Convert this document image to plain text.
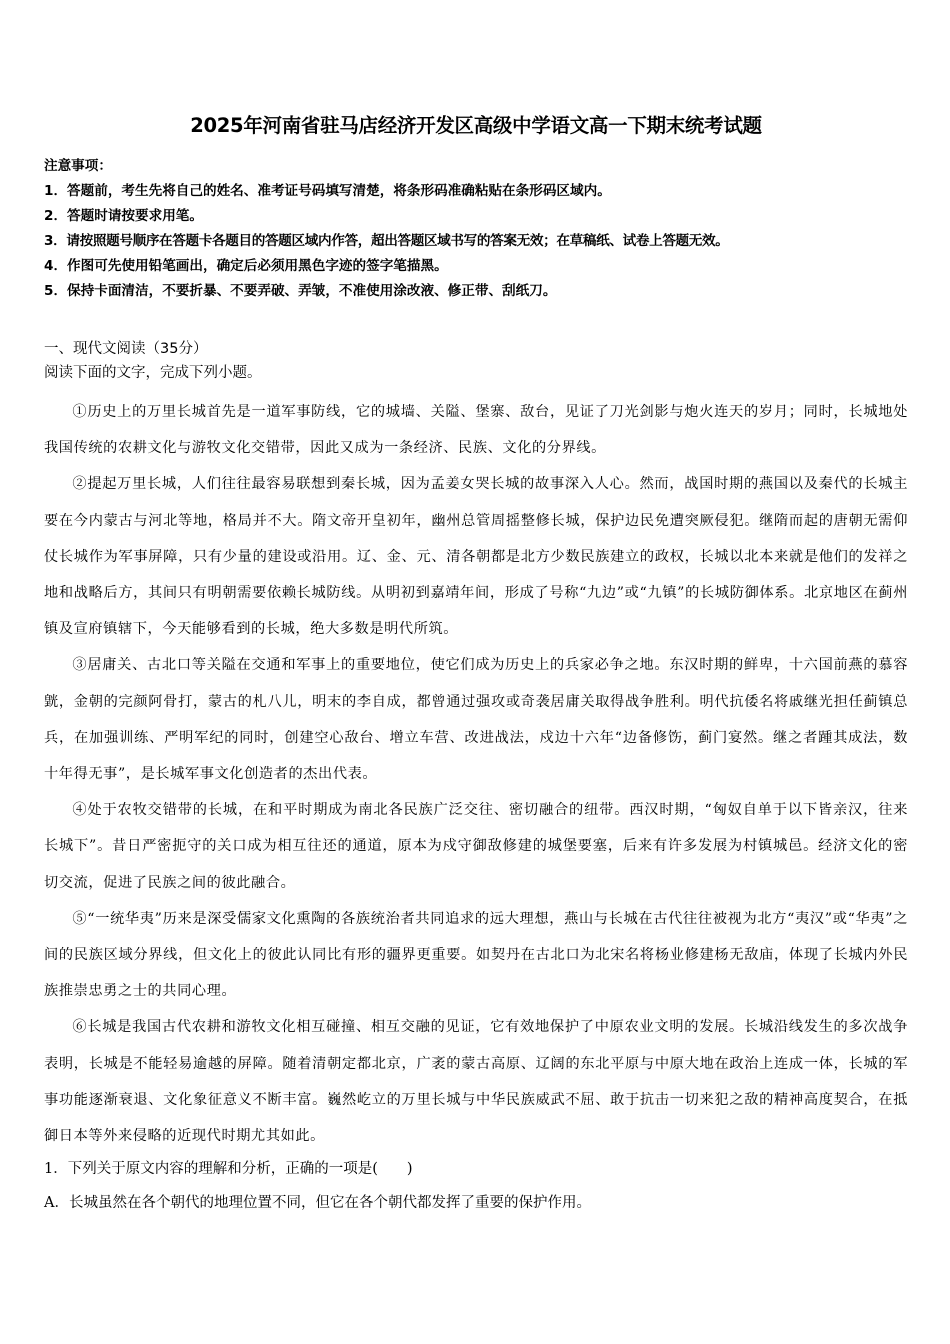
2025年河南省驻马店经济开发区高级中学语文高一下期末统考试题
注意事项：
1．答题前，考生先将自己的姓名、准考证号码填写清楚，将条形码准确粘贴在条形码区域内。
2．答题时请按要求用笔。
3．请按照题号顺序在答题卡各题目的答题区域内作答，超出答题区域书写的答案无效；在草稿纸、试卷上答题无效。
4．作图可先使用铅笔画出，确定后必须用黑色字迹的签字笔描黑。
5．保持卡面清洁，不要折暴、不要弄破、弄皱，不准使用涂改液、修正带、刮纸刀。
一、现代文阅读（35分）
阅读下面的文字，完成下列小题。

①历史上的万里长城首先是一道军事防线，它的城墙、关隘、堡寨、敌台，见证了刀光剑影与炮火连天的岁月；同时，长城地处我国传统的农耕文化与游牧文化交错带，因此又成为一条经济、民族、文化的分界线。

②提起万里长城，人们往往最容易联想到秦长城，因为孟姜女哭长城的故事深入人心。然而，战国时期的燕国以及秦代的长城主要在今内蒙古与河北等地，格局并不大。隋文帝开皇初年，幽州总管周摇整修长城，保护边民免遭突厥侵犯。继隋而起的唐朝无需仰仗长城作为军事屏障，只有少量的建设或沿用。辽、金、元、清各朝都是北方少数民族建立的政权，长城以北本来就是他们的发祥之地和战略后方，其间只有明朝需要依赖长城防线。从明初到嘉靖年间，形成了号称“九边”或“九镇”的长城防御体系。北京地区在蓟州镇及宣府镇辖下，今天能够看到的长城，绝大多数是明代所筑。

③居庸关、古北口等关隘在交通和军事上的重要地位，使它们成为历史上的兵家必争之地。东汉时期的鲜卑，十六国前燕的慕容皝，金朝的完颜阿骨打，蒙古的札八儿，明末的李自成，都曾通过强攻或奇袭居庸关取得战争胜利。明代抗倭名将戚继光担任蓟镇总兵，在加强训练、严明军纪的同时，创建空心敌台、增立车营、改进战法，戍边十六年“边备修饬，蓟门宴然。继之者踵其成法，数十年得无事”，是长城军事文化创造者的杰出代表。

④处于农牧交错带的长城，在和平时期成为南北各民族广泛交往、密切融合的纽带。西汉时期，“匈奴自单于以下皆亲汉，往来长城下”。昔日严密扼守的关口成为相互往还的通道，原本为戍守御敌修建的城堡要塞，后来有许多发展为村镇城邑。经济文化的密切交流，促进了民族之间的彼此融合。

⑤“一统华夷”历来是深受儒家文化熏陶的各族统治者共同追求的远大理想，燕山与长城在古代往往被视为北方“夷汉”或“华夷”之间的民族区域分界线，但文化上的彼此认同比有形的疆界更重要。如契丹在古北口为北宋名将杨业修建杨无敌庙，体现了长城内外民族推崇忠勇之士的共同心理。

⑥长城是我国古代农耕和游牧文化相互碰撞、相互交融的见证，它有效地保护了中原农业文明的发展。长城沿线发生的多次战争表明，长城是不能轻易逾越的屏障。随着清朝定都北京，广袤的蒙古高原、辽阔的东北平原与中原大地在政治上连成一体，长城的军事功能逐渐衰退、文化象征意义不断丰富。巍然屹立的万里长城与中华民族威武不屈、敢于抗击一切来犯之敌的精神高度契合，在抵御日本等外来侵略的近现代时期尤其如此。

1．下列关于原文内容的理解和分析，正确的一项是(　　)
A．长城虽然在各个朝代的地理位置不同，但它在各个朝代都发挥了重要的保护作用。
